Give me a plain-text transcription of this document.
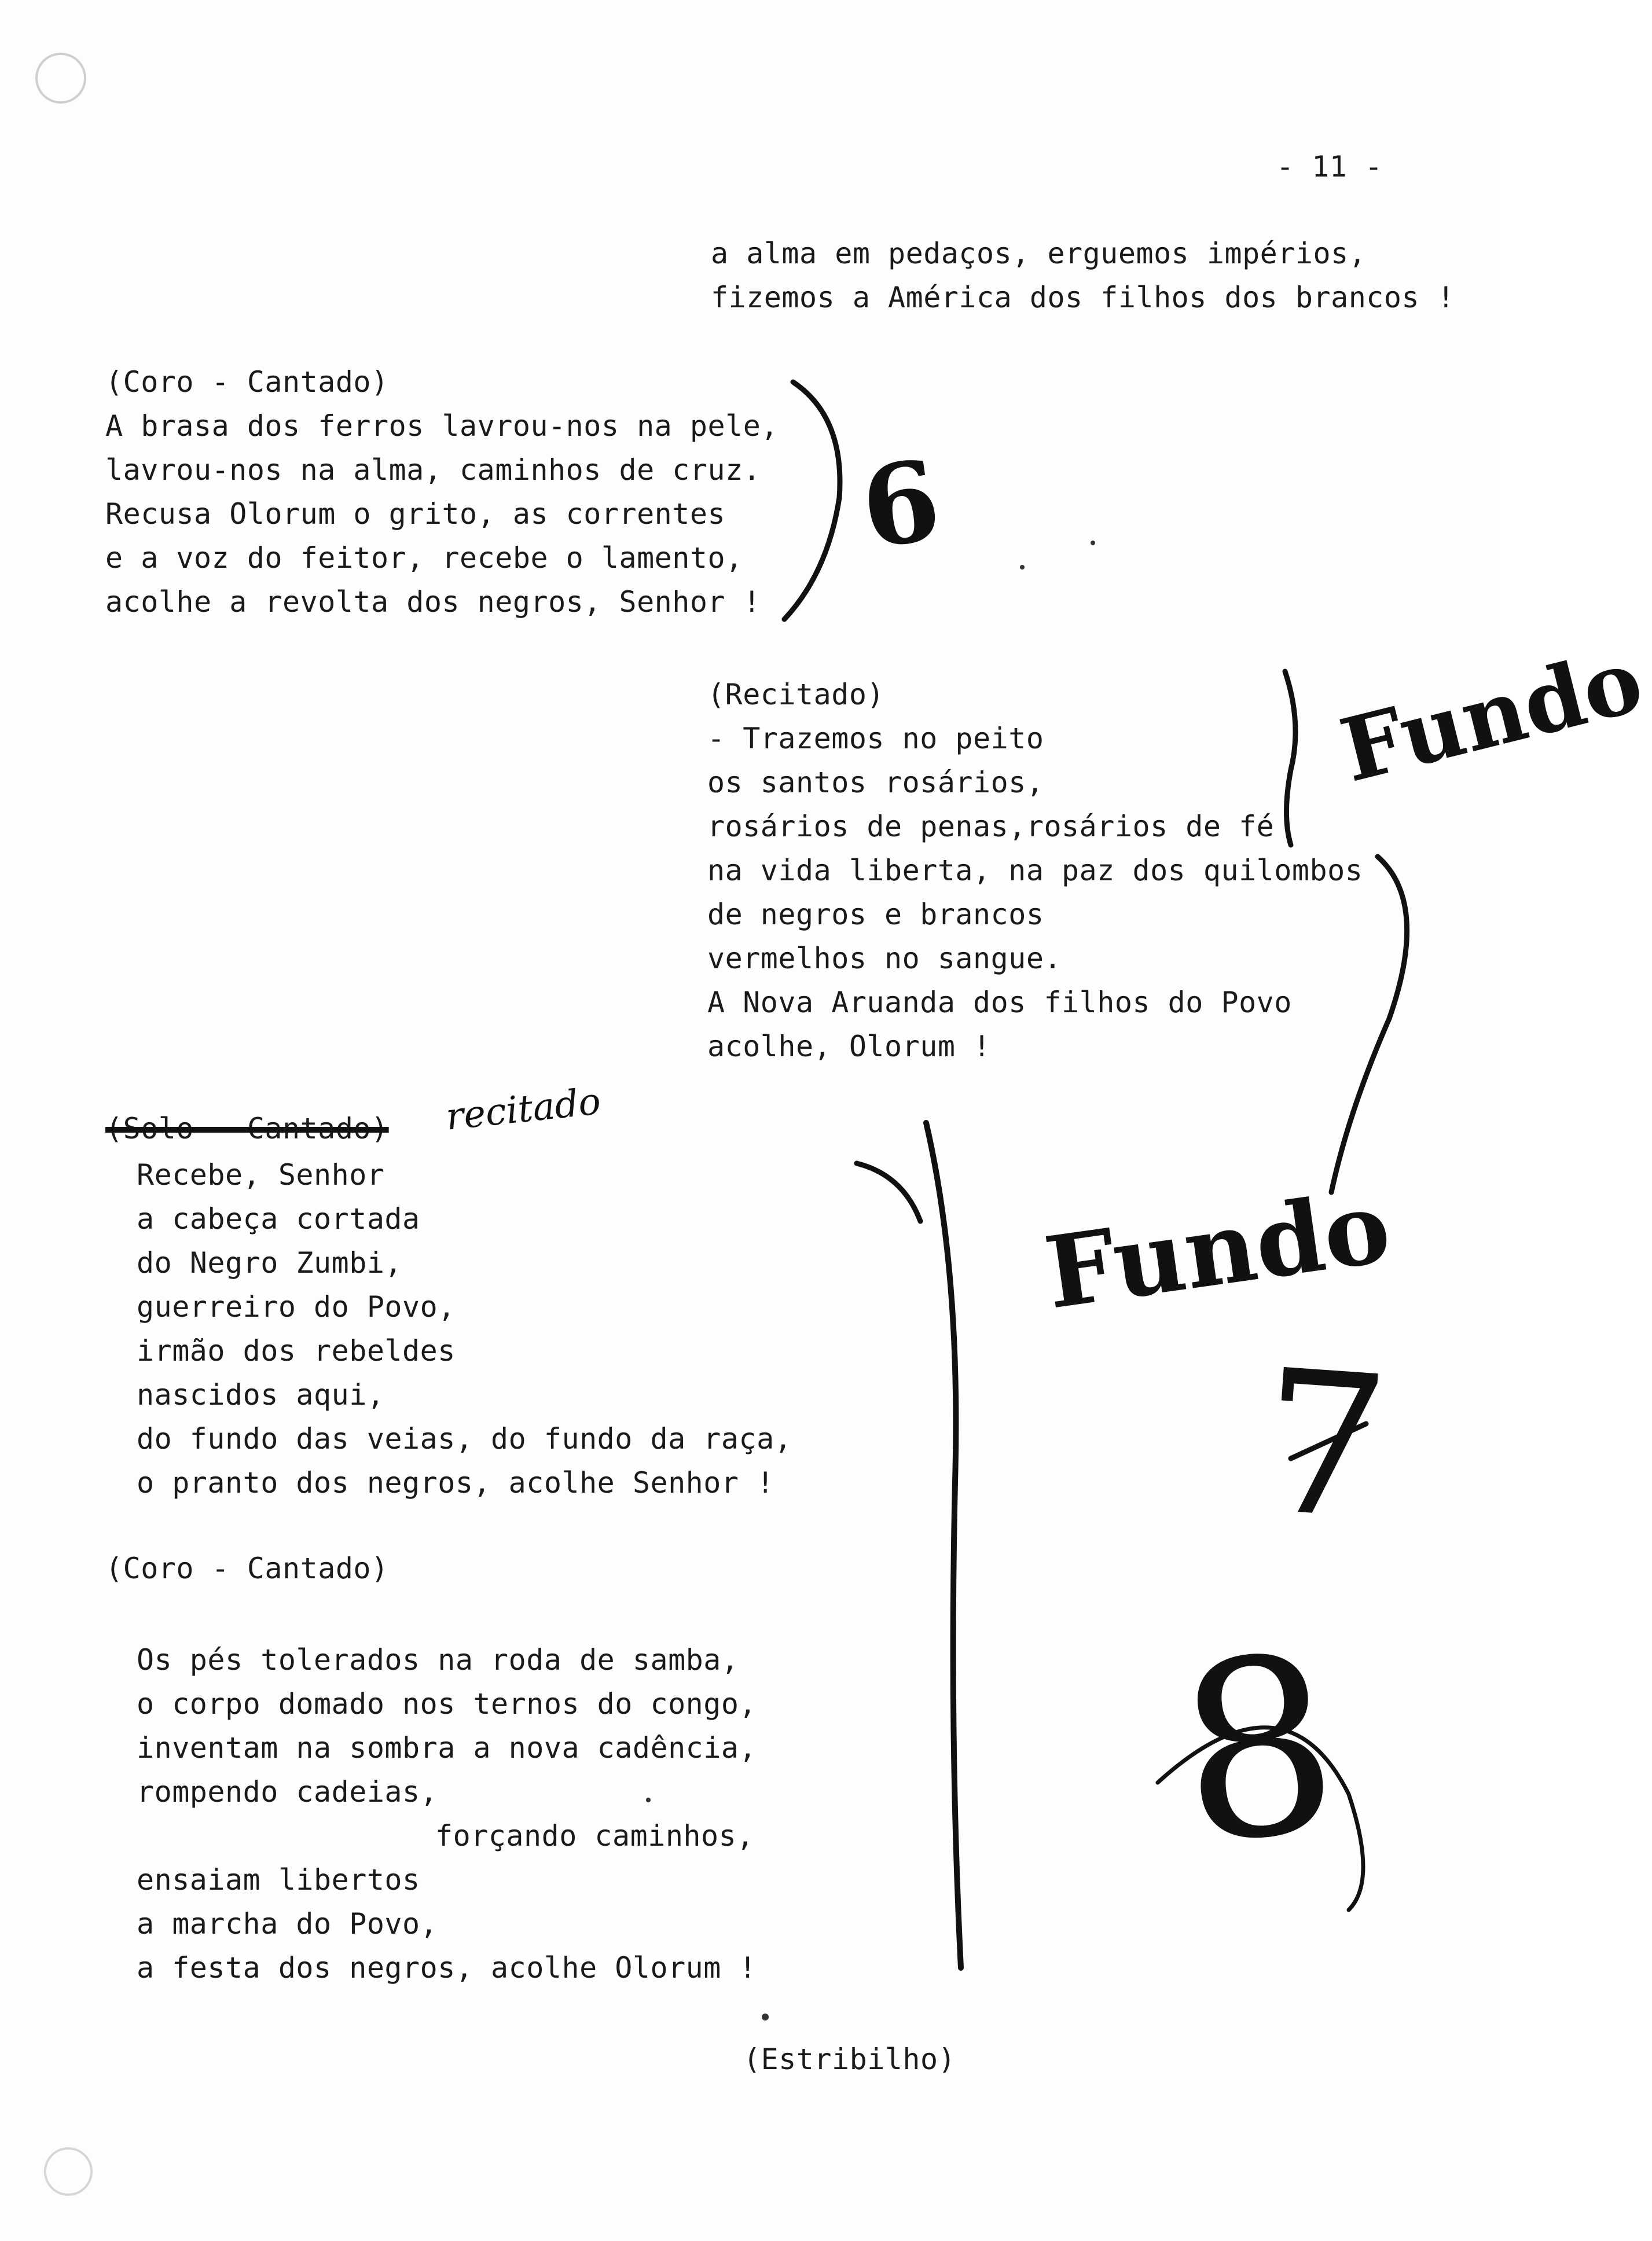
- 11 -
a alma em pedaços, erguemos impérios,
fizemos a América dos filhos dos brancos !
(Coro - Cantado)
A brasa dos ferros lavrou-nos na pele,
lavrou-nos na alma, caminhos de cruz.
Recusa Olorum o grito, as correntes
e a voz do feitor, recebe o lamento,
acolhe a revolta dos negros, Senhor !
(Recitado)
- Trazemos no peito
os santos rosários,
rosários de penas,rosários de fé
na vida liberta, na paz dos quilombos
de negros e brancos
vermelhos no sangue.
A Nova Aruanda dos filhos do Povo
acolhe, Olorum !
(Solo - Cantado) recitado
Recebe, Senhor
a cabeça cortada
do Negro Zumbi,
guerreiro do Povo,
irmão dos rebeldes
nascidos aqui,
do fundo das veias, do fundo da raça,
o pranto dos negros, acolhe Senhor !
(Coro - Cantado)
Os pés tolerados na roda de samba,
o corpo domado nos ternos do congo,
inventam na sombra a nova cadência,
rompendo cadeias,
forçando caminhos,
ensaiam libertos
a marcha do Povo,
a festa dos negros, acolhe Olorum !
(Estribilho)
6
Fundo
Fundo
7
8
